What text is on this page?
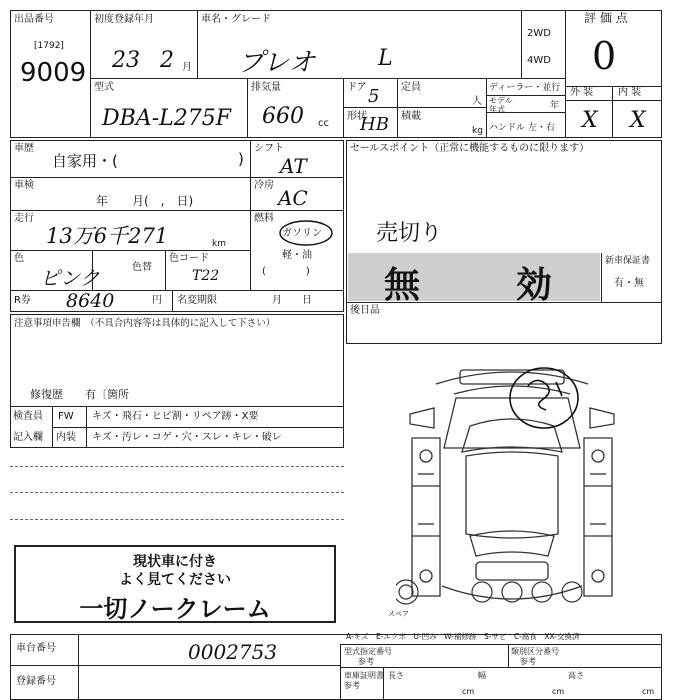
出品番号
[1792]
9009
初度登録年月
23 2 月
車名・グレード
プレオ	L
2WD
4WD
評 価 点
0
型式
DBA-L275F
排気量
660 cc
ドア 5
形状
HB
定員
人
積載
kg
ディーラー・並行
モデル
年式	年
ハンドル 左・右
外 装 内 装
X X
車歴
自家用・(	)
車検
年　　月(　,　日)
走行
13万6千271	km
色
ピンク	色替
色コード
T22
シフト
AT
冷房
AC
燃料
ガソリン
軽・油
(　　　　)
R券 8640	円 名変期限	月　　日
セールスポイント（正常に機能するものに限ります）
売切り
無　効
新車保証書
有・無
後日品
注意事項申告欄　（不具合内容等は具体的に記入して下さい）
修復歴　　有〔箇所
検査員
記入欄
FW
内装
キズ・飛石・ヒビ割・リペア跡・X要
キズ・汚レ・コゲ・穴・スレ・キレ・破レ
現状車に付き
よく見てください
一切ノークレーム	スペア
A-キズ　E-エクボ　U-凹み　W-補修跡　S-サビ　C-腐食　XX-交換済
車台番号	0002753
登録番号
型式指定番号
参考
類別区分番号
参考
車庫証明書
参考
長さ
cm
幅
cm
高さ
cm
